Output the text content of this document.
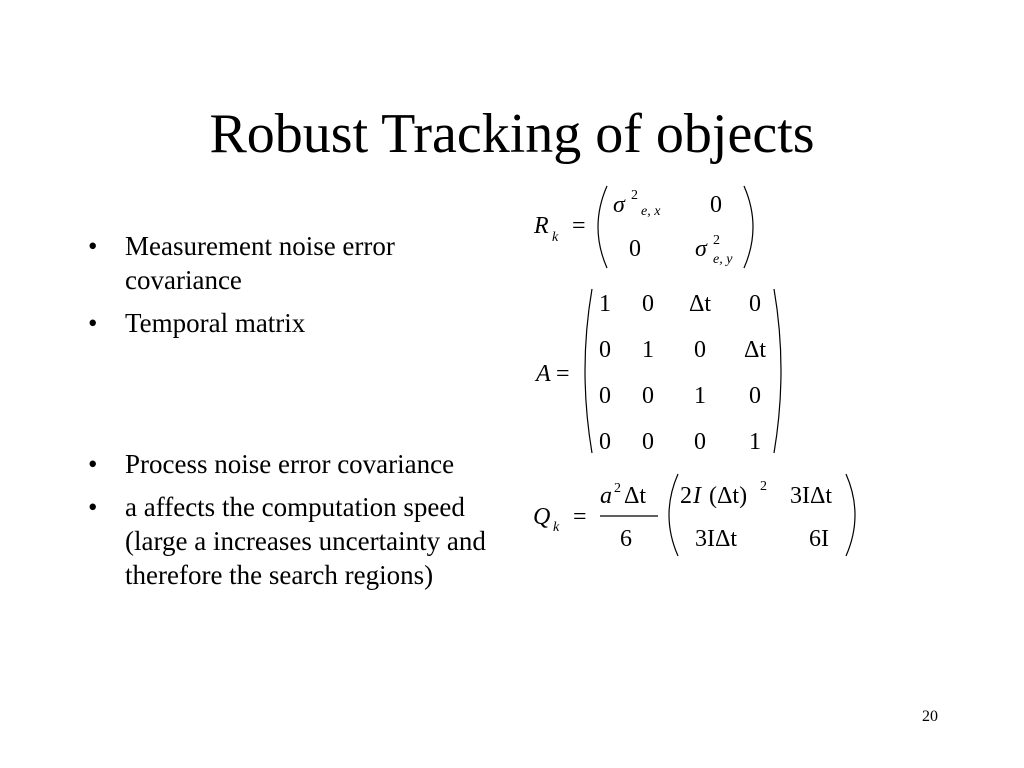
Robust Tracking of objects
• Measurement noise error covariance
• Temporal matrix
• Process noise error covariance
• a affects the computation speed (large a increases uncertainty and therefore the search regions)
R k =
σ 2
e, x 0
0 σ 2
e, y
A =
1 0 Δt 0
0 1 0 Δt
0 0 1 0
0 0 0 1
Q k =
a 2 Δt
6
2 I (Δt) 2 3IΔt
3IΔt	6I
20
